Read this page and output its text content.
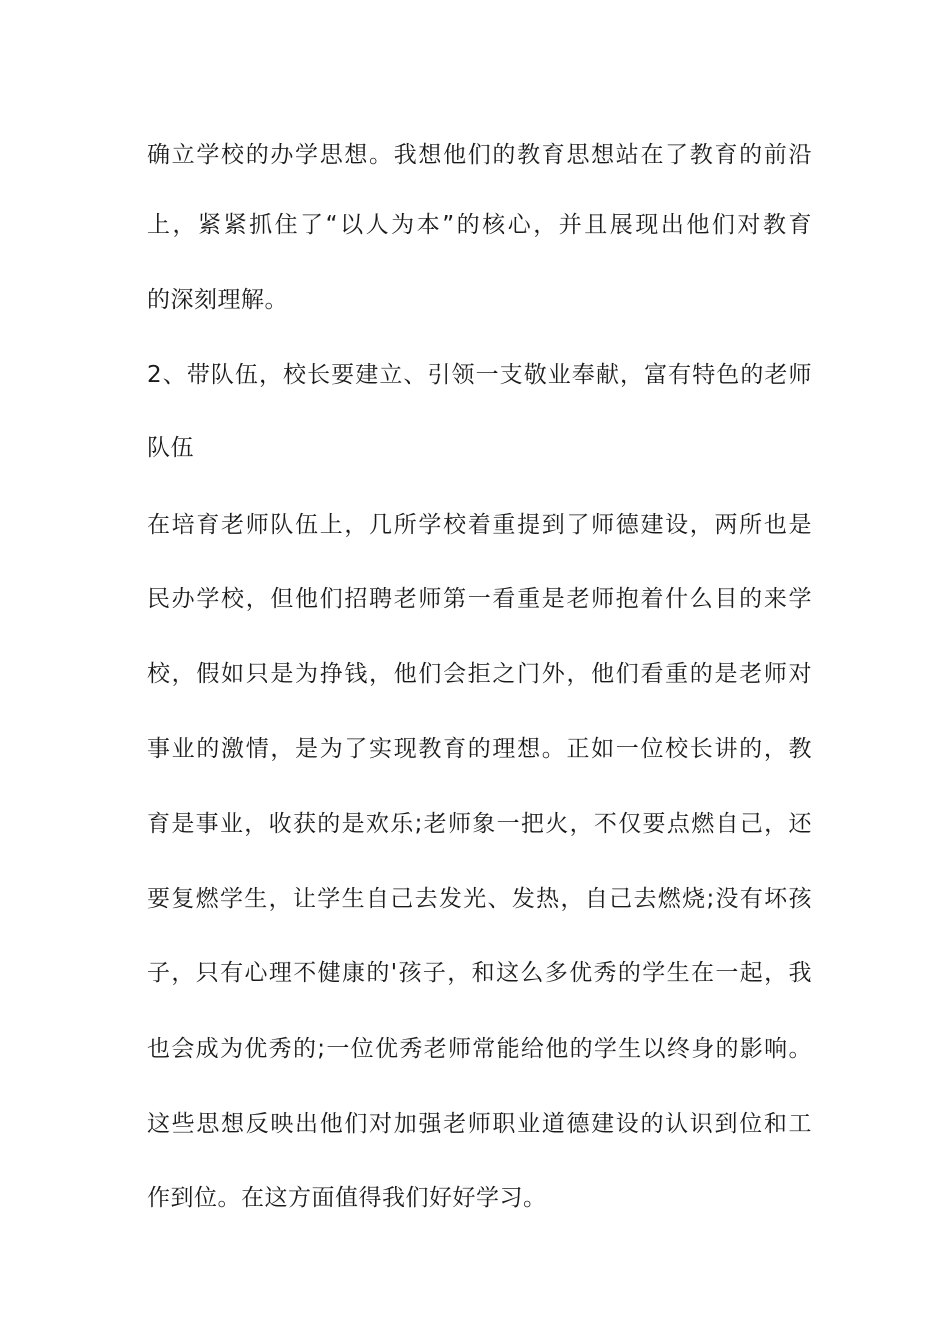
确立学校的办学思想。我想他们的教育思想站在了教育的前沿
上，紧紧抓住了“以人为本”的核心，并且展现出他们对教育
的深刻理解。
2、带队伍，校长要建立、引领一支敬业奉献，富有特色的老师
队伍
在培育老师队伍上，几所学校着重提到了师德建设，两所也是
民办学校，但他们招聘老师第一看重是老师抱着什么目的来学
校，假如只是为挣钱，他们会拒之门外，他们看重的是老师对
事业的激情，是为了实现教育的理想。正如一位校长讲的，教
育是事业，收获的是欢乐;老师象一把火，不仅要点燃自己，还
要复燃学生，让学生自己去发光、发热，自己去燃烧;没有坏孩
子，只有心理不健康的'孩子，和这么多优秀的学生在一起，我
也会成为优秀的;一位优秀老师常能给他的学生以终身的影响。
这些思想反映出他们对加强老师职业道德建设的认识到位和工
作到位。在这方面值得我们好好学习。
